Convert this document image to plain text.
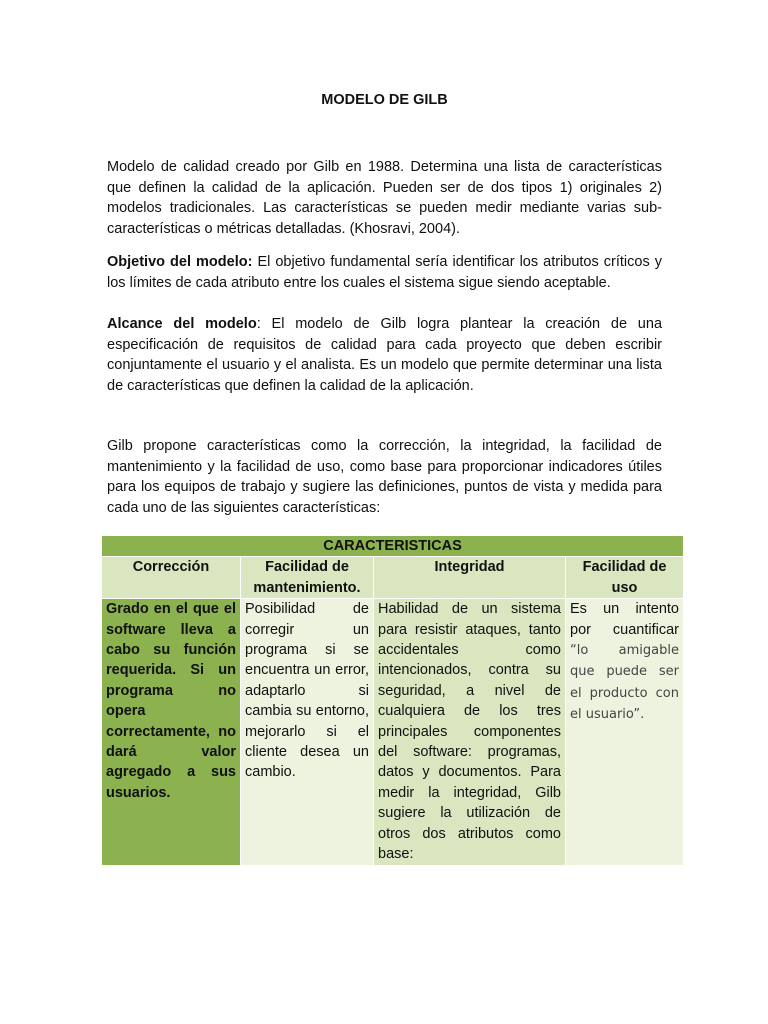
MODELO DE GILB

Modelo de calidad creado por Gilb en 1988. Determina una lista de características que definen la calidad de la aplicación. Pueden ser de dos tipos 1) originales 2) modelos tradicionales. Las características se pueden medir mediante varias sub-características o métricas detalladas. (Khosravi, 2004).

Objetivo del modelo: El objetivo fundamental sería identificar los atributos críticos y los límites de cada atributo entre los cuales el sistema sigue siendo aceptable.

Alcance del modelo: El modelo de Gilb logra plantear la creación de una especificación de requisitos de calidad para cada proyecto que deben escribir conjuntamente el usuario y el analista. Es un modelo que permite determinar una lista de características que definen la calidad de la aplicación.

Gilb propone características como la corrección, la integridad, la facilidad de mantenimiento y la facilidad de uso, como base para proporcionar indicadores útiles para los equipos de trabajo y sugiere las definiciones, puntos de vista y medida para cada uno de las siguientes características:

CARACTERISTICAS			
Corrección	Facilidad de mantenimiento.	Integridad	Facilidad de uso
Grado en el que el software lleva a cabo su función requerida. Si un programa no opera correctamente, no dará valor agregado a sus usuarios.	Posibilidad de corregir un programa si se encuentra un error, adaptarlo si cambia su entorno, mejorarlo si el cliente desea un cambio.	Habilidad de un sistema para resistir ataques, tanto accidentales como intencionados, contra su seguridad, a nivel de cualquiera de los tres principales componentes del software: programas, datos y documentos. Para medir la integridad, Gilb sugiere la utilización de otros dos atributos como base:	Es un intento por cuantificar “lo amigable que puede ser el producto con el usuario”.
